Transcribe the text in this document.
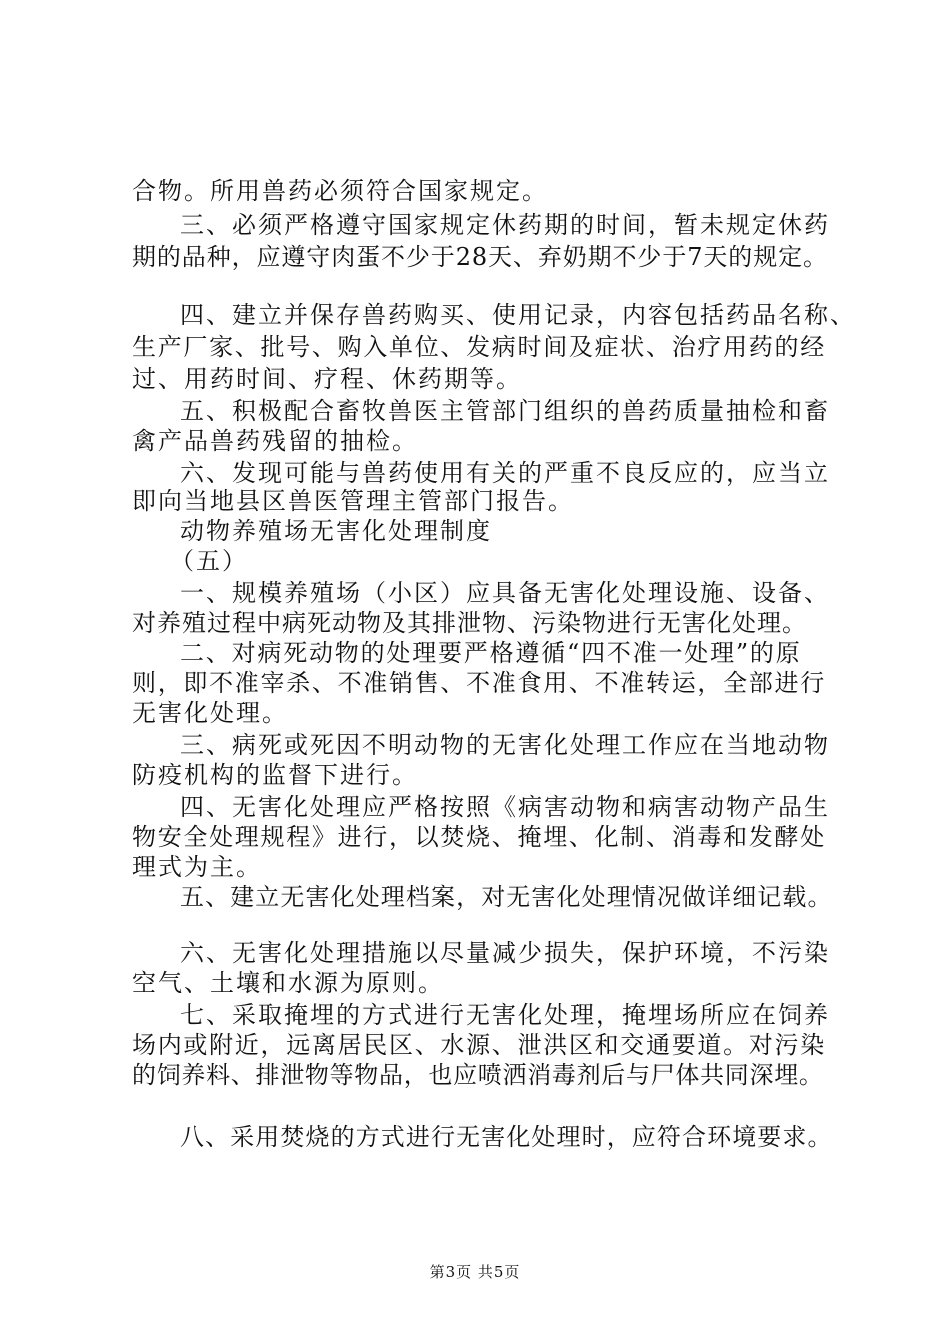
合物。所用兽药必须符合国家规定。
三、必须严格遵守国家规定休药期的时间，暂未规定休药
期的品种，应遵守肉蛋不少于28天、弃奶期不少于7天的规定。
四、建立并保存兽药购买、使用记录，内容包括药品名称、
生产厂家、批号、购入单位、发病时间及症状、治疗用药的经
过、用药时间、疗程、休药期等。
五、积极配合畜牧兽医主管部门组织的兽药质量抽检和畜
禽产品兽药残留的抽检。
六、发现可能与兽药使用有关的严重不良反应的，应当立
即向当地县区兽医管理主管部门报告。
动物养殖场无害化处理制度
（五）
一、规模养殖场（小区）应具备无害化处理设施、设备、
对养殖过程中病死动物及其排泄物、污染物进行无害化处理。
二、对病死动物的处理要严格遵循“四不准一处理”的原
则，即不准宰杀、不准销售、不准食用、不准转运，全部进行
无害化处理。
三、病死或死因不明动物的无害化处理工作应在当地动物
防疫机构的监督下进行。
四、无害化处理应严格按照《病害动物和病害动物产品生
物安全处理规程》进行，以焚烧、掩埋、化制、消毒和发酵处
理式为主。
五、建立无害化处理档案，对无害化处理情况做详细记载。
六、无害化处理措施以尽量减少损失，保护环境，不污染
空气、土壤和水源为原则。
七、采取掩埋的方式进行无害化处理，掩埋场所应在饲养
场内或附近，远离居民区、水源、泄洪区和交通要道。对污染
的饲养料、排泄物等物品，也应喷洒消毒剂后与尸体共同深埋。
八、采用焚烧的方式进行无害化处理时，应符合环境要求。
第3页 共5页
